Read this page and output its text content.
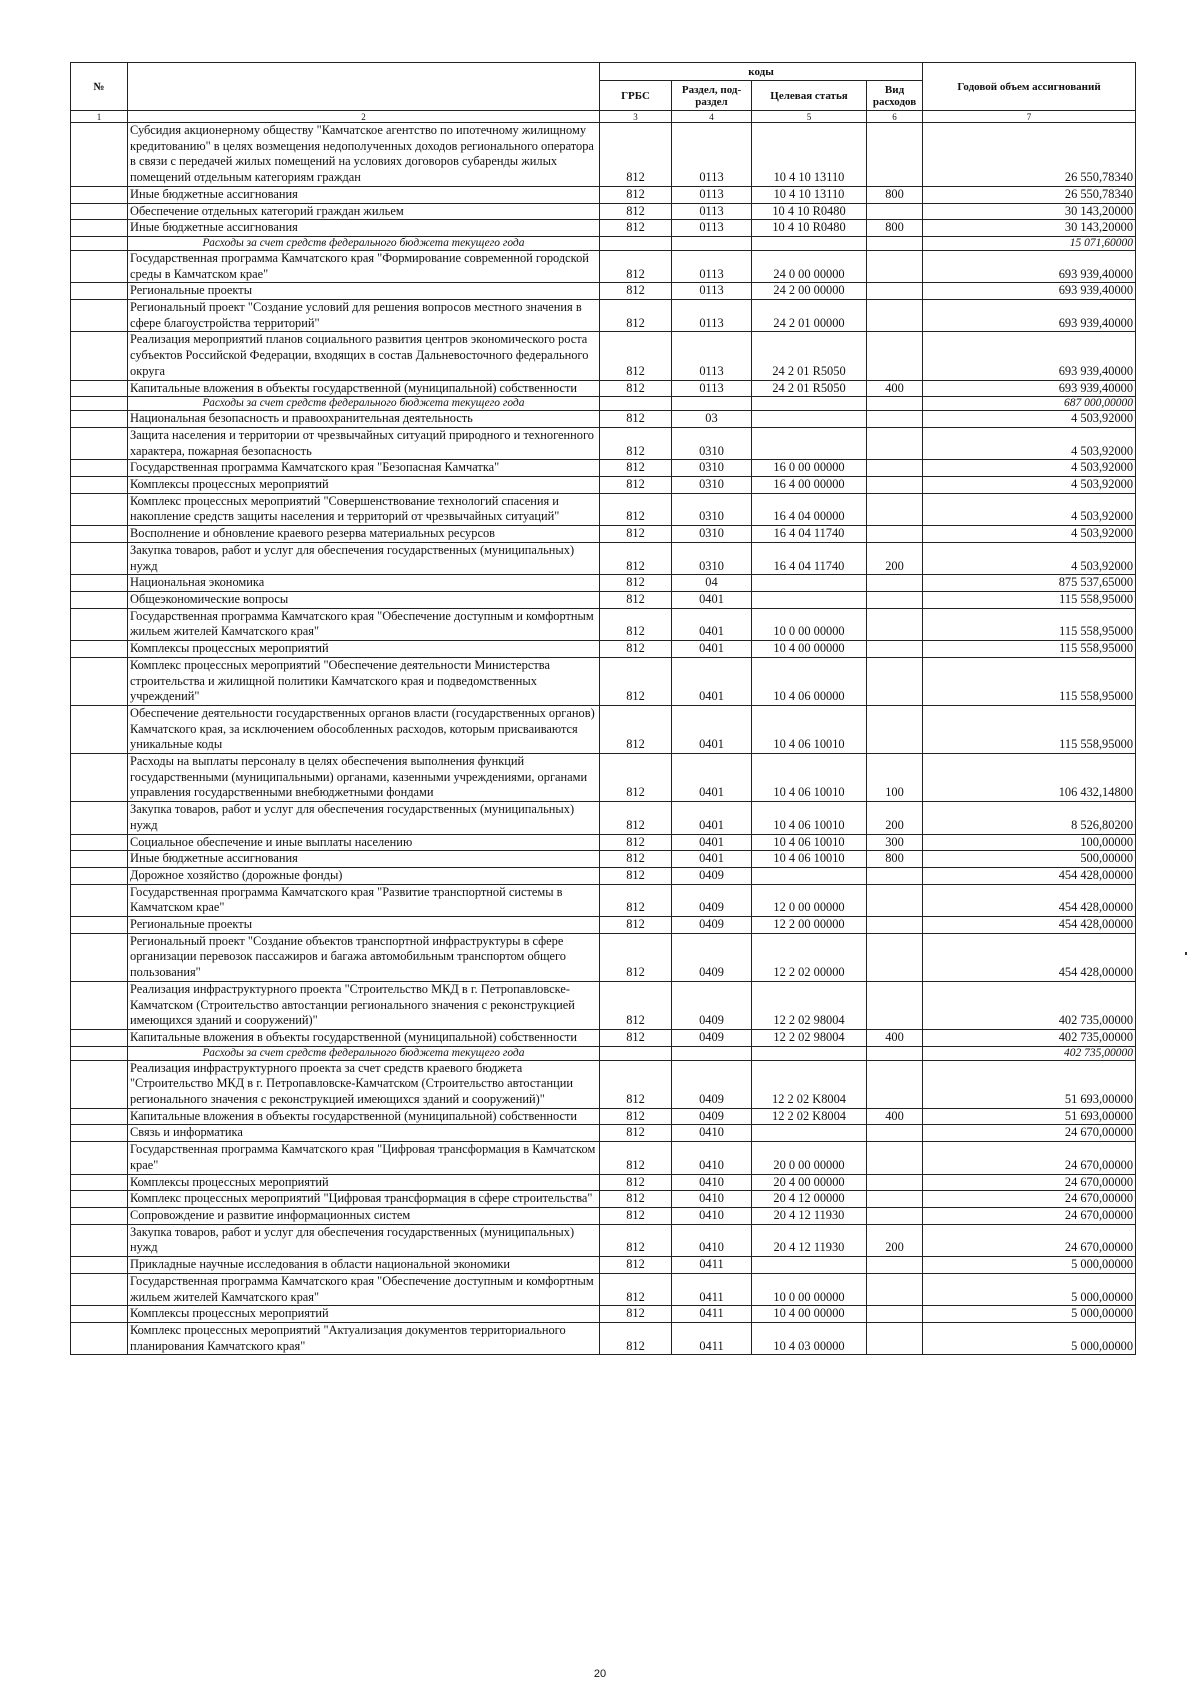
№		коды				Годовой объем ассигнований
		ГРБС	Раздел, под-раздел	Целевая статья	Вид расходов	
1	2	3	4	5	6	7
	Субсидия акционерному обществу "Камчатское агентство по ипотечному жилищному кредитованию" в целях возмещения недополученных доходов регионального оператора в связи с передачей жилых помещений на условиях договоров субаренды жилых помещений отдельным категориям граждан	812	0113	10 4 10 13110		26 550,78340
	Иные бюджетные ассигнования	812	0113	10 4 10 13110	800	26 550,78340
	Обеспечение отдельных категорий граждан жильем	812	0113	10 4 10 R0480		30 143,20000
	Иные бюджетные ассигнования	812	0113	10 4 10 R0480	800	30 143,20000
	Расходы за счет средств федерального бюджета текущего года					15 071,60000
	Государственная программа Камчатского края "Формирование современной городской среды в Камчатском крае"	812	0113	24 0 00 00000		693 939,40000
	Региональные проекты	812	0113	24 2 00 00000		693 939,40000
	Региональный проект "Создание условий для решения вопросов местного значения в сфере благоустройства территорий"	812	0113	24 2 01 00000		693 939,40000
	Реализация мероприятий планов социального развития центров экономического роста субъектов Российской Федерации, входящих в состав Дальневосточного федерального округа	812	0113	24 2 01 R5050		693 939,40000
	Капитальные вложения в объекты государственной (муниципальной) собственности	812	0113	24 2 01 R5050	400	693 939,40000
	Расходы за счет средств федерального бюджета текущего года					687 000,00000
	Национальная безопасность и правоохранительная деятельность	812	03			4 503,92000
	Защита населения и территории от чрезвычайных ситуаций природного и техногенного характера, пожарная безопасность	812	0310			4 503,92000
	Государственная программа Камчатского края "Безопасная Камчатка"	812	0310	16 0 00 00000		4 503,92000
	Комплексы процессных мероприятий	812	0310	16 4 00 00000		4 503,92000
	Комплекс процессных мероприятий "Совершенствование технологий спасения и накопление средств защиты населения и территорий от чрезвычайных ситуаций"	812	0310	16 4 04 00000		4 503,92000
	Восполнение и обновление краевого резерва материальных ресурсов	812	0310	16 4 04 11740		4 503,92000
	Закупка товаров, работ и услуг для обеспечения государственных (муниципальных) нужд	812	0310	16 4 04 11740	200	4 503,92000
	Национальная экономика	812	04			875 537,65000
	Общеэкономические вопросы	812	0401			115 558,95000
	Государственная программа Камчатского края "Обеспечение доступным и комфортным жильем жителей Камчатского края"	812	0401	10 0 00 00000		115 558,95000
	Комплексы процессных мероприятий	812	0401	10 4 00 00000		115 558,95000
	Комплекс процессных мероприятий "Обеспечение деятельности Министерства строительства и жилищной политики Камчатского края и подведомственных учреждений"	812	0401	10 4 06 00000		115 558,95000
	Обеспечение деятельности государственных органов власти (государственных органов) Камчатского края, за исключением обособленных расходов, которым присваиваются уникальные коды	812	0401	10 4 06 10010		115 558,95000
	Расходы на выплаты персоналу в целях обеспечения выполнения функций государственными (муниципальными) органами, казенными учреждениями, органами управления государственными внебюджетными фондами	812	0401	10 4 06 10010	100	106 432,14800
	Закупка товаров, работ и услуг для обеспечения государственных (муниципальных) нужд	812	0401	10 4 06 10010	200	8 526,80200
	Социальное обеспечение и иные выплаты населению	812	0401	10 4 06 10010	300	100,00000
	Иные бюджетные ассигнования	812	0401	10 4 06 10010	800	500,00000
	Дорожное хозяйство (дорожные фонды)	812	0409			454 428,00000
	Государственная программа Камчатского края "Развитие транспортной системы в Камчатском крае"	812	0409	12 0 00 00000		454 428,00000
	Региональные проекты	812	0409	12 2 00 00000		454 428,00000
	Региональный проект "Создание объектов транспортной инфраструктуры в сфере организации перевозок пассажиров и багажа автомобильным транспортом общего пользования"	812	0409	12 2 02 00000		454 428,00000
	Реализация инфраструктурного проекта "Строительство МКД в г. Петропавловске-Камчатском (Строительство автостанции регионального значения с реконструкцией имеющихся зданий и сооружений)"	812	0409	12 2 02 98004		402 735,00000
	Капитальные вложения в объекты государственной (муниципальной) собственности	812	0409	12 2 02 98004	400	402 735,00000
	Расходы за счет средств федерального бюджета текущего года					402 735,00000
	Реализация инфраструктурного проекта за счет средств краевого бюджета "Строительство МКД в г. Петропавловске-Камчатском (Строительство автостанции регионального значения с реконструкцией имеющихся зданий и сооружений)"	812	0409	12 2 02 K8004		51 693,00000
	Капитальные вложения в объекты государственной (муниципальной) собственности	812	0409	12 2 02 K8004	400	51 693,00000
	Связь и информатика	812	0410			24 670,00000
	Государственная программа Камчатского края "Цифровая трансформация в Камчатском крае"	812	0410	20 0 00 00000		24 670,00000
	Комплексы процессных мероприятий	812	0410	20 4 00 00000		24 670,00000
	Комплекс процессных мероприятий "Цифровая трансформация в сфере строительства"	812	0410	20 4 12 00000		24 670,00000
	Сопровождение и развитие информационных систем	812	0410	20 4 12 11930		24 670,00000
	Закупка товаров, работ и услуг для обеспечения государственных (муниципальных) нужд	812	0410	20 4 12 11930	200	24 670,00000
	Прикладные научные исследования в области национальной экономики	812	0411			5 000,00000
	Государственная программа Камчатского края "Обеспечение доступным и комфортным жильем жителей Камчатского края"	812	0411	10 0 00 00000		5 000,00000
	Комплексы процессных мероприятий	812	0411	10 4 00 00000		5 000,00000
	Комплекс процессных мероприятий "Актуализация документов территориального планирования Камчатского края"	812	0411	10 4 03 00000		5 000,00000
20
